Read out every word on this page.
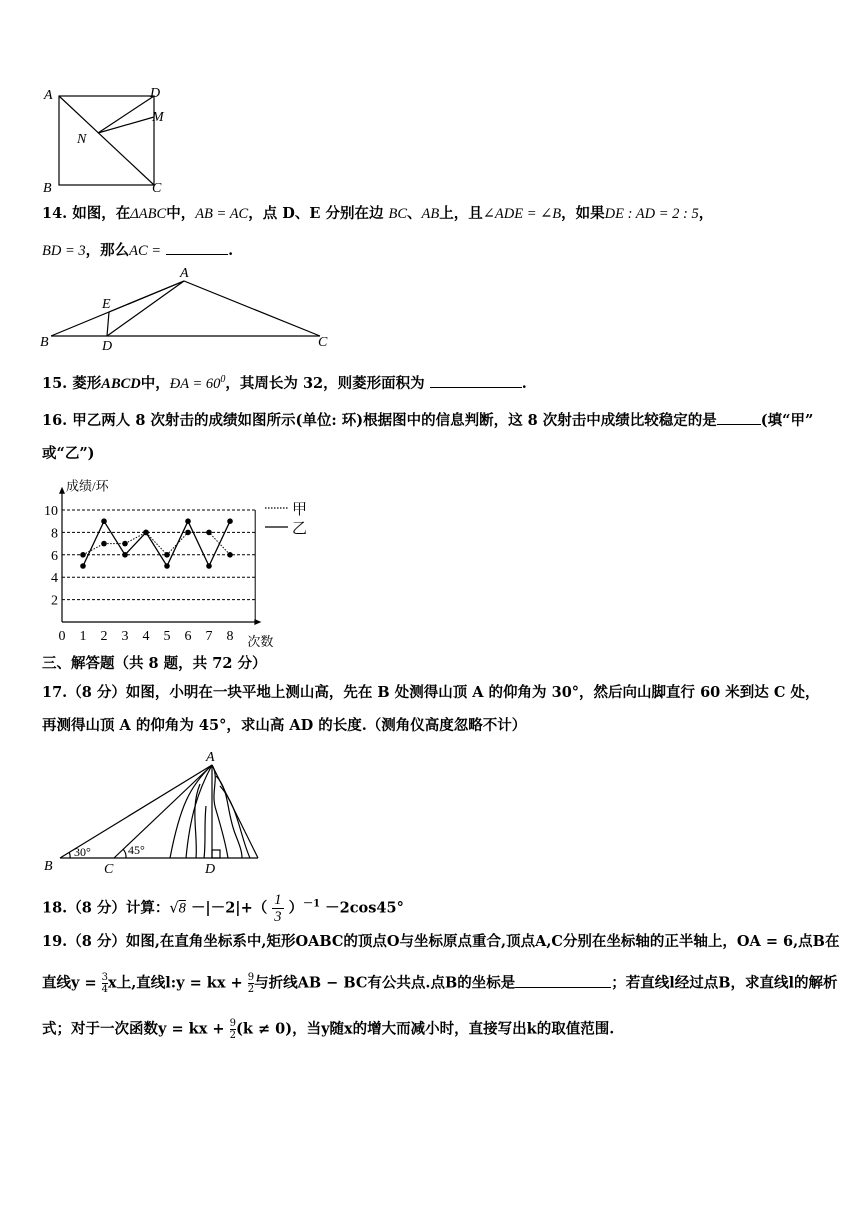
A	D
M
N
B	C
14. 如图，在ΔABC中，AB = AC，点 D、E 分别在边 BC、AB上，且∠ADE = ∠B，如果DE : AD = 2 : 5，
BD = 3，那么AC =	.
A
E
B	D	C
15. 菱形ABCD中，ÐA = $60^0$，其周长为 32，则菱形面积为	.
16. 甲乙两人 8 次射击的成绩如图所示(单位: 环)根据图中的信息判断，这 8 次射击中成绩比较稳定的是	(填“甲”
或“乙”)
2
4
6
8
10
0 1 2 3 4 5 6 7 8
成绩/环
次数
甲
乙
三、解答题（共 8 题，共 72 分）
17.（8 分）如图，小明在一块平地上测山高，先在 B 处测得山顶 A 的仰角为 30°，然后向山脚直行 60 米到达 C 处，
再测得山顶 A 的仰角为 45°，求山高 AD 的长度.（测角仪高度忽略不计）
A
B	C	D
30°	45°
18.（8 分）计算：$√8 -|-2|+( \frac{1}{3} )^{-1} -2\cos 45^\circ$
19.（8 分）如图,在直角坐标系中,矩形OABC的顶点O与坐标原点重合,顶点A,C分别在坐标轴的正半轴上，OA = 6,点B在
直线$y = \frac{3}{4}$ x上,直线l:y = kx + $\frac{9}{2}$ 与折线AB − BC有公共点.点B的坐标是	；若直线l经过点B，求直线l的解析
式；对于一次函数y = kx + $\frac{9}{2} (k \ne 0)$，当y随x的增大而减小时，直接写出k的取值范围.
